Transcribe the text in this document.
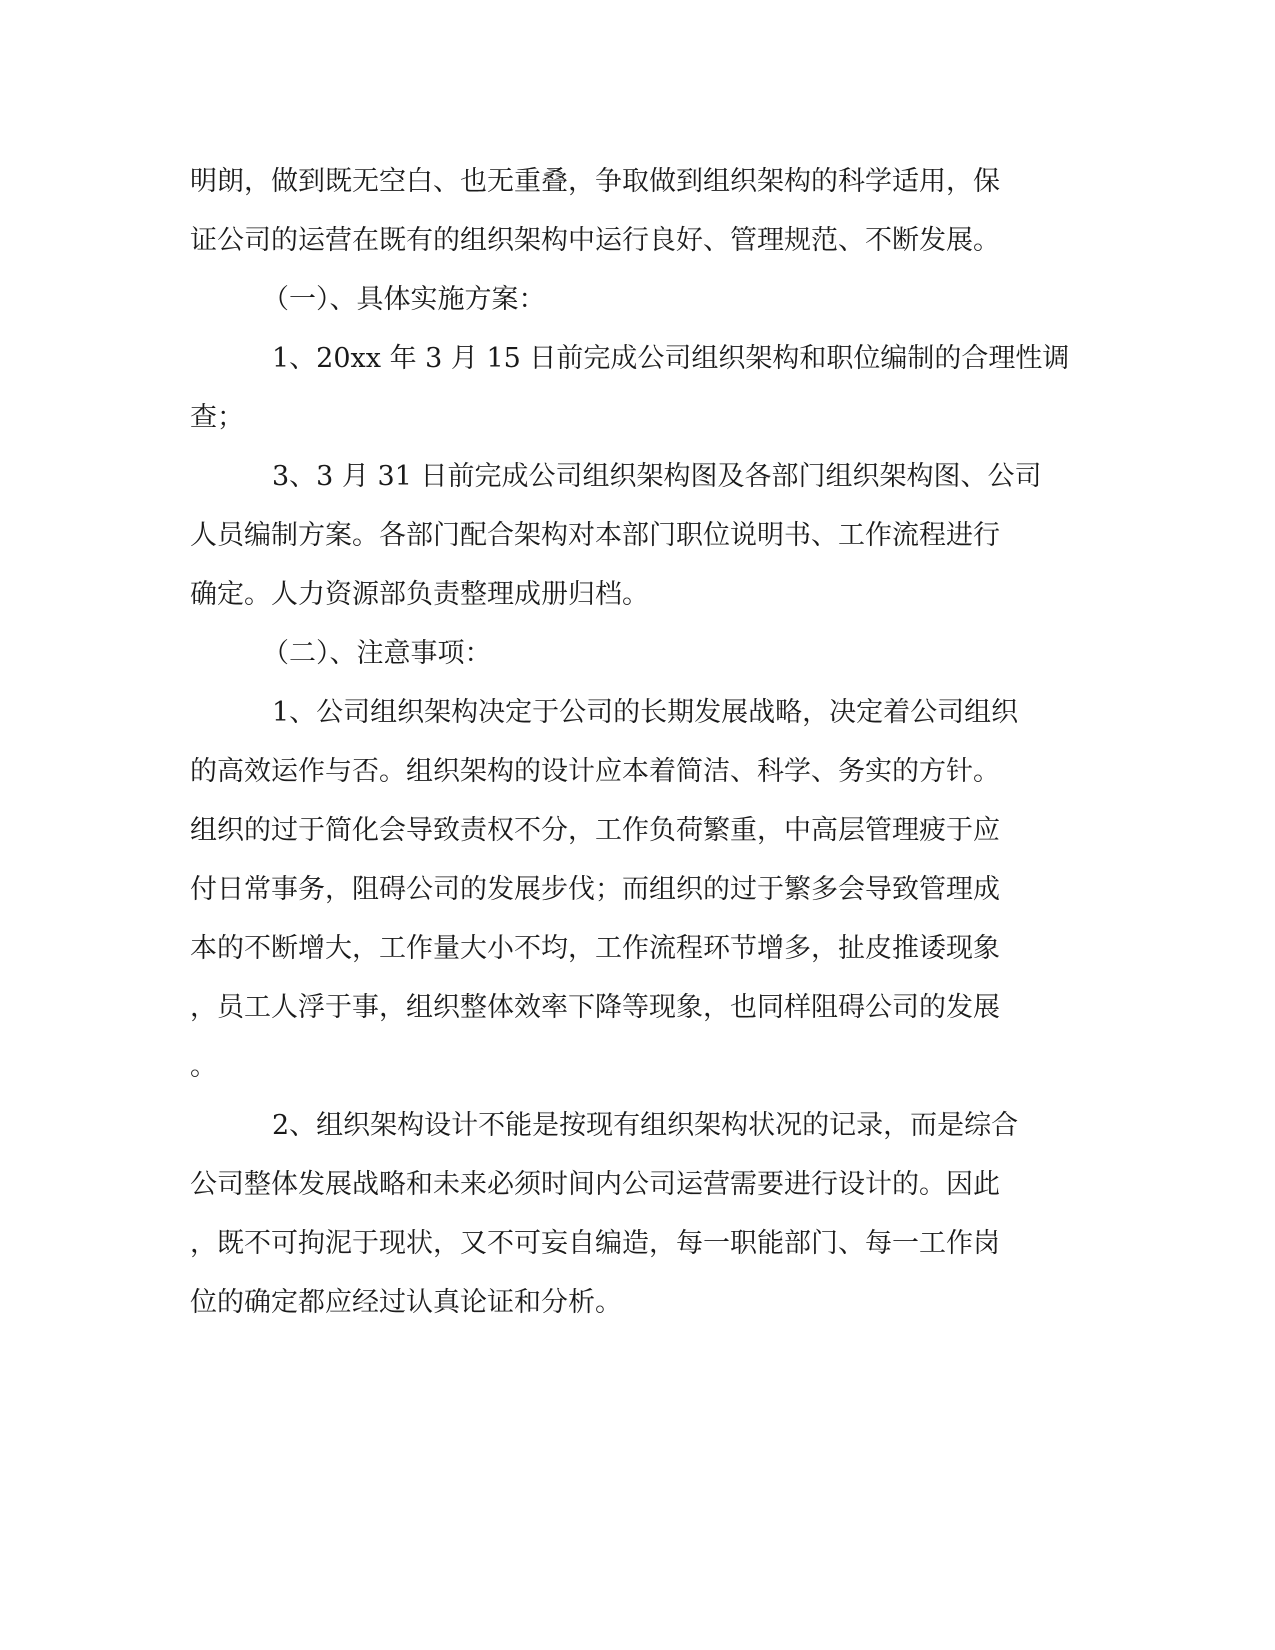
明朗，做到既无空白、也无重叠，争取做到组织架构的科学适用，保
证公司的运营在既有的组织架构中运行良好、管理规范、不断发展。
（一）、具体实施方案：
1、20xx 年 3 月 15 日前完成公司组织架构和职位编制的合理性调
查；
3、3 月 31 日前完成公司组织架构图及各部门组织架构图、公司
人员编制方案。各部门配合架构对本部门职位说明书、工作流程进行
确定。人力资源部负责整理成册归档。
（二）、注意事项：
1、公司组织架构决定于公司的长期发展战略，决定着公司组织
的高效运作与否。组织架构的设计应本着简洁、科学、务实的方针。
组织的过于简化会导致责权不分，工作负荷繁重，中高层管理疲于应
付日常事务，阻碍公司的发展步伐；而组织的过于繁多会导致管理成
本的不断增大，工作量大小不均，工作流程环节增多，扯皮推诿现象
，员工人浮于事，组织整体效率下降等现象，也同样阻碍公司的发展
。
2、组织架构设计不能是按现有组织架构状况的记录，而是综合
公司整体发展战略和未来必须时间内公司运营需要进行设计的。因此
，既不可拘泥于现状，又不可妄自编造，每一职能部门、每一工作岗
位的确定都应经过认真论证和分析。
